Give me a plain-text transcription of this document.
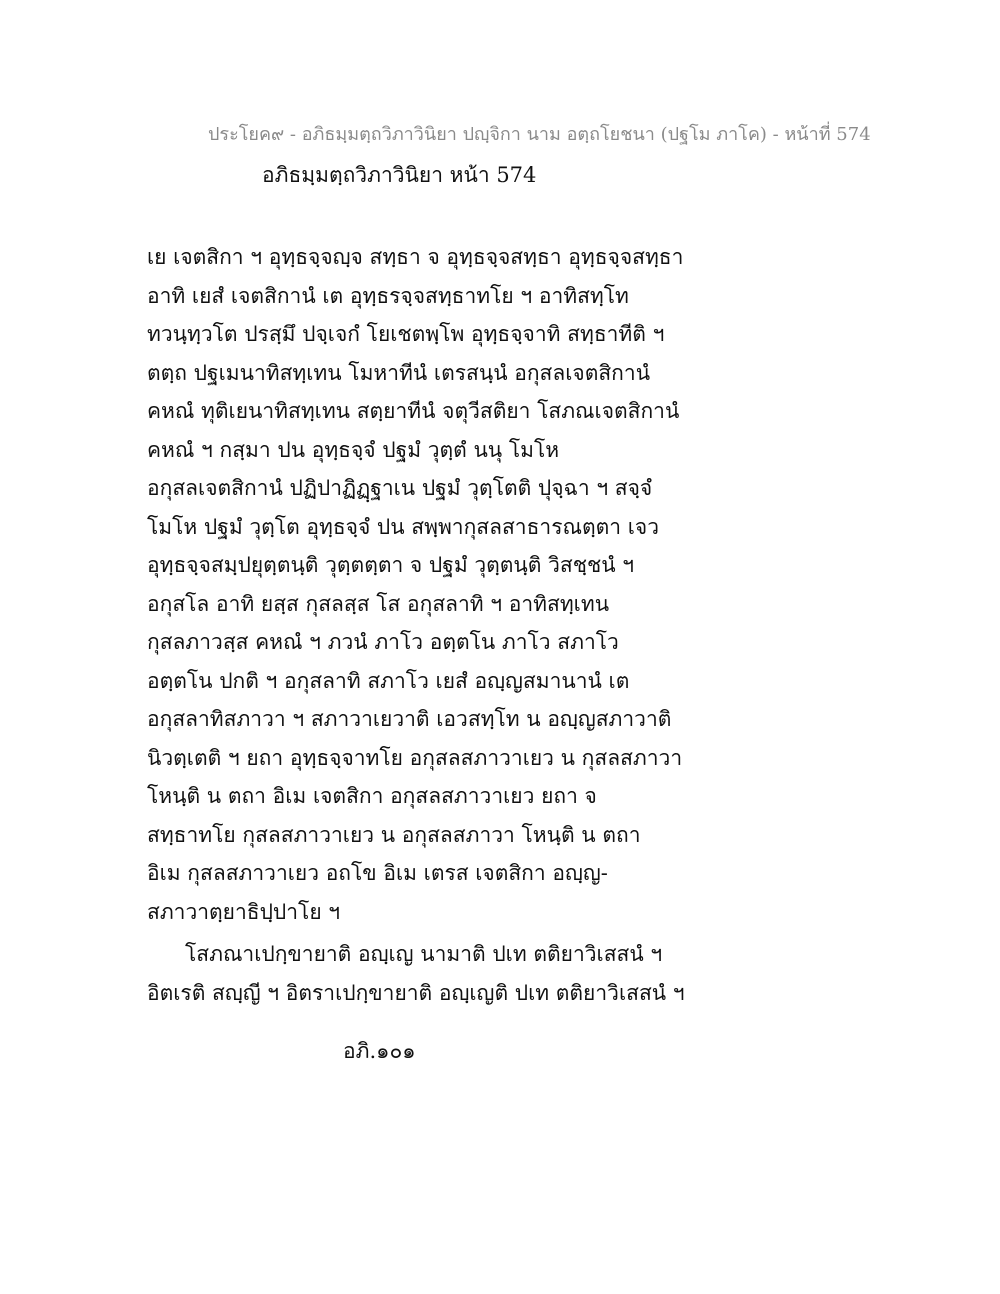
ประโยค๙ - อภิธมฺมตฺถวิภาวินิยา ปญฺจิกา นาม อตฺถโยชนา (ปฐโม ภาโค) - หน้าที่ 574
อภิธมฺมตฺถวิภาวินิยา หน้า 574
เย เจตสิกา ฯ อุทฺธจฺจญฺจ สทฺธา จ อุทฺธจฺจสทฺธา อุทฺธจฺจสทฺธา
อาทิ เยสํ เจตสิกานํ เต อุทฺธรจฺจสทฺธาทโย ฯ อาทิสทฺโท
ทวนฺทฺวโต ปรสฺมึ ปจฺเจกํ โยเชตพฺโพ อุทฺธจฺจาทิ สทฺธาทีติ ฯ
ตตฺถ ปฐเมนาทิสทฺเทน โมหาทีนํ เตรสนฺนํ อกุสลเจตสิกานํ
คหณํ ทุติเยนาทิสทฺเทน สตฺยาทีนํ จตุวีสติยา โสภณเจตสิกานํ
คหณํ ฯ กสฺมา ปน อุทฺธจฺจํ ปฐมํ วุตฺตํ นนุ โมโห
อกุสลเจตสิกานํ ปฏิปาฏิฏฺฐาเน ปฐมํ วุตฺโตติ ปุจฺฉา ฯ สจฺจํ
โมโห ปฐมํ วุตฺโต อุทฺธจฺจํ ปน สพฺพากุสลสาธารณตฺตา เจว
อุทฺธจฺจสมฺปยุตฺตนฺติ วุตฺตตฺตา จ ปฐมํ วุตฺตนฺติ วิสชฺชนํ ฯ
อกุสโล อาทิ ยสฺส กุสลสฺส โส อกุสลาทิ ฯ อาทิสทฺเทน
กุสลภาวสฺส คหณํ ฯ ภวนํ ภาโว อตฺตโน ภาโว สภาโว
อตฺตโน ปกติ ฯ อกุสลาทิ สภาโว เยสํ อญฺญสมานานํ เต
อกุสลาทิสภาวา ฯ สภาวาเยวาติ เอวสทฺโท น อญฺญสภาวาติ
นิวตฺเตติ ฯ ยถา อุทฺธจฺจาทโย อกุสลสภาวาเยว น กุสลสภาวา
โหนฺติ น ตถา อิเม เจตสิกา อกุสลสภาวาเยว ยถา จ
สทฺธาทโย กุสลสภาวาเยว น อกุสลสภาวา โหนฺติ น ตถา
อิเม กุสลสภาวาเยว อถโข อิเม เตรส เจตสิกา อญฺญ-
สภาวาตฺยาธิปฺปาโย ฯ
โสภณาเปกฺขายาติ อญฺเญ นามาติ ปเท ตติยาวิเสสนํ ฯ
อิตเรติ สญฺญี ฯ อิตราเปกฺขายาติ อญฺเญติ ปเท ตติยาวิเสสนํ ฯ
อภิ.๑๐๑
